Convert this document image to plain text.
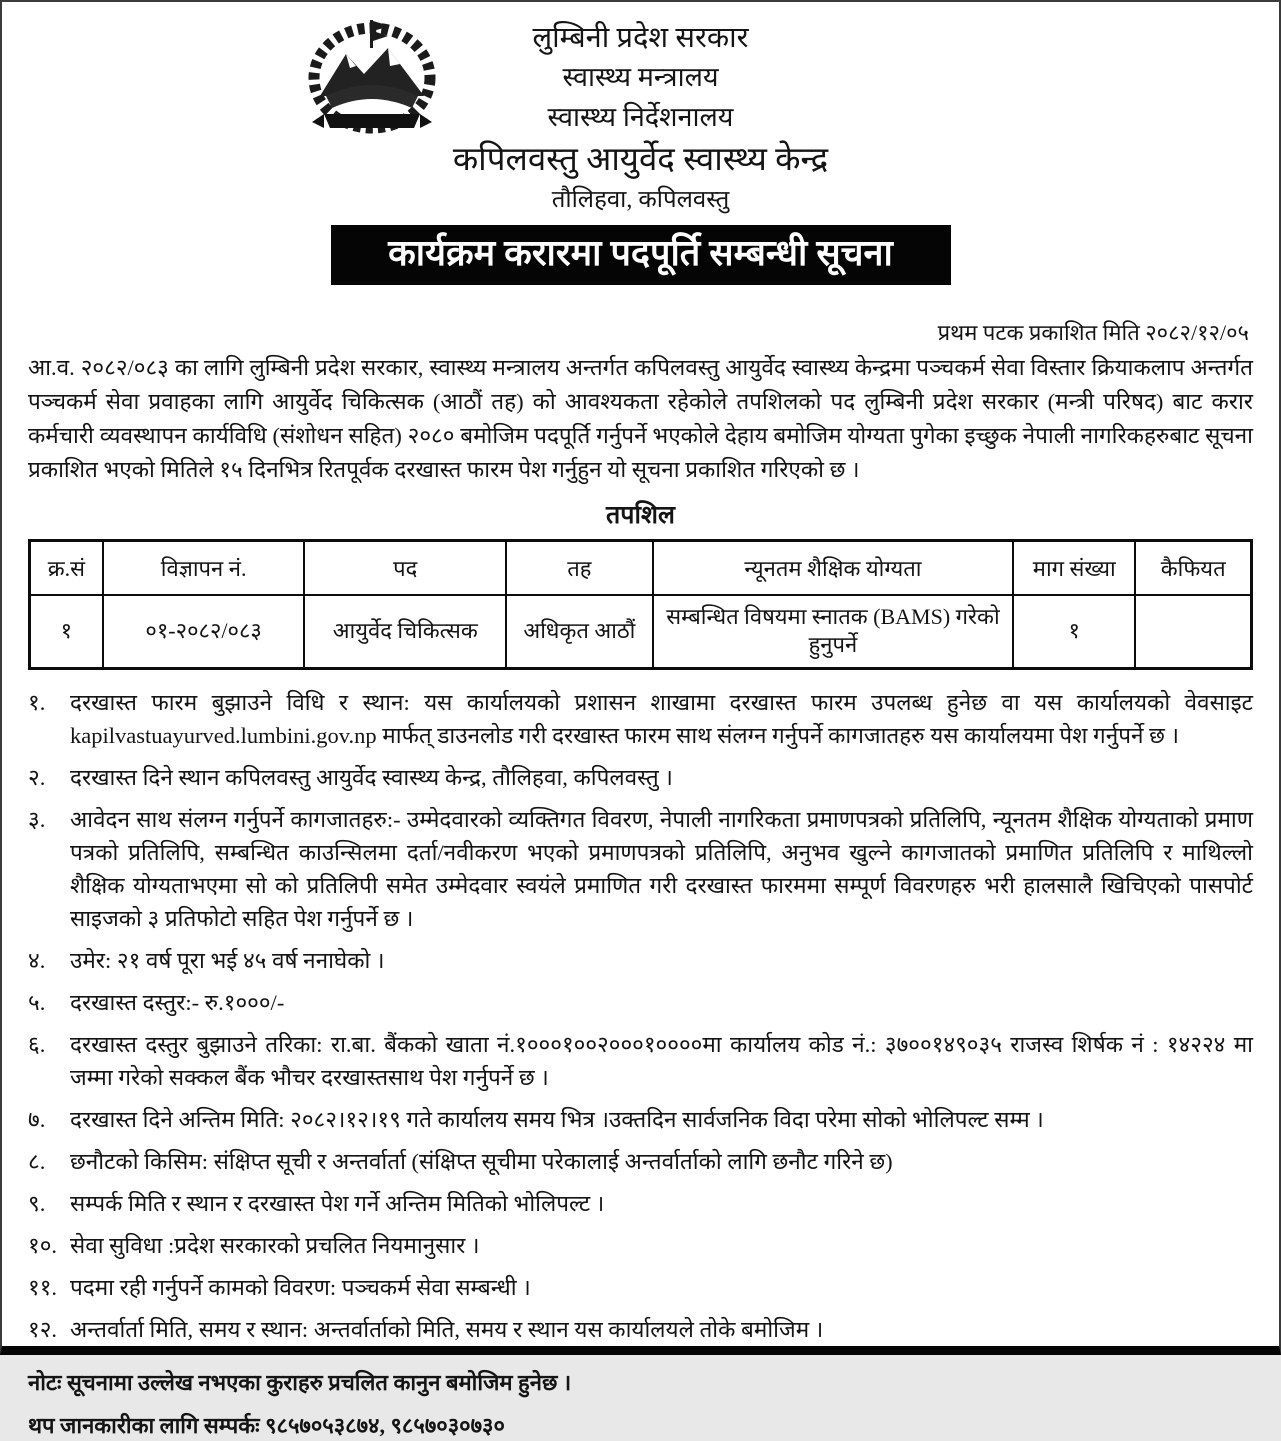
लुम्बिनी प्रदेश सरकार
स्वास्थ्य मन्त्रालय
स्वास्थ्य निर्देशनालय
कपिलवस्तु आयुर्वेद स्वास्थ्य केन्द्र
तौलिहवा, कपिलवस्तु
कार्यक्रम करारमा पदपूर्ति सम्बन्धी सूचना
प्रथम पटक प्रकाशित मिति २०८२/१२/०५
आ.व. २०८२/०८३ का लागि लुम्बिनी प्रदेश सरकार, स्वास्थ्य मन्त्रालय अन्तर्गत कपिलवस्तु आयुर्वेद स्वास्थ्य केन्द्रमा पञ्चकर्म सेवा विस्तार क्रियाकलाप अन्तर्गत पञ्चकर्म सेवा प्रवाहका लागि आयुर्वेद चिकित्सक (आठौं तह) को आवश्यकता रहेकोले तपशिलको पद लुम्बिनी प्रदेश सरकार (मन्त्री परिषद) बाट करार कर्मचारी व्यवस्थापन कार्यविधि (संशोधन सहित) २०८० बमोजिम पदपूर्ति गर्नुपर्ने भएकोले देहाय बमोजिम योग्यता पुगेका इच्छुक नेपाली नागरिकहरुबाट सूचना प्रकाशित भएको मितिले १५ दिनभित्र रितपूर्वक दरखास्त फारम पेश गर्नुहुन यो सूचना प्रकाशित गरिएको छ ।
तपशिल
क्र.सं	विज्ञापन नं.	पद	तह	न्यूनतम शैक्षिक योग्यता	माग संख्या	कैफियत
१	०१-२०८२/०८३	आयुर्वेद चिकित्सक	अधिकृत आठौं	सम्बन्धित विषयमा स्नातक (BAMS) गरेको हुनुपर्ने	१	
१.	दरखास्त फारम बुझाउने विधि र स्थान: यस कार्यालयको प्रशासन शाखामा दरखास्त फारम उपलब्ध हुनेछ वा यस कार्यालयको वेवसाइट kapilvastuayurved.lumbini.gov.np मार्फत् डाउनलोड गरी दरखास्त फारम साथ संलग्न गर्नुपर्ने कागजातहरु यस कार्यालयमा पेश गर्नुपर्ने छ ।
२.	दरखास्त दिने स्थान कपिलवस्तु आयुर्वेद स्वास्थ्य केन्द्र, तौलिहवा, कपिलवस्तु ।
३.	आवेदन साथ संलग्न गर्नुपर्ने कागजातहरु:- उम्मेदवारको व्यक्तिगत विवरण, नेपाली नागरिकता प्रमाणपत्रको प्रतिलिपि, न्यूनतम शैक्षिक योग्यताको प्रमाण पत्रको प्रतिलिपि, सम्बन्धित काउन्सिलमा दर्ता/नवीकरण भएको प्रमाणपत्रको प्रतिलिपि, अनुभव खुल्ने कागजातको प्रमाणित प्रतिलिपि र माथिल्लो शैक्षिक योग्यताभएमा सो को प्रतिलिपी समेत उम्मेदवार स्वयंले प्रमाणित गरी दरखास्त फारममा सम्पूर्ण विवरणहरु भरी हालसालै खिचिएको पासपोर्ट साइजको ३ प्रतिफोटो सहित पेश गर्नुपर्ने छ ।
४.	उमेर: २१ वर्ष पूरा भई ४५ वर्ष ननाघेको ।
५.	दरखास्त दस्तुर:- रु.१०००/-
६.	दरखास्त दस्तुर बुझाउने तरिका: रा.बा. बैंकको खाता नं.१०००१००२०००१००००मा कार्यालय कोड नं.: ३७००१४९०३५ राजस्व शिर्षक नं : १४२२४ मा जम्मा गरेको सक्कल बैंक भौचर दरखास्तसाथ पेश गर्नुपर्ने छ ।
७.	दरखास्त दिने अन्तिम मिति: २०८२।१२।१९ गते कार्यालय समय भित्र ।उक्तदिन सार्वजनिक विदा परेमा सोको भोलिपल्ट सम्म ।
८.	छनौटको किसिम: संक्षिप्त सूची र अन्तर्वार्ता (संक्षिप्त सूचीमा परेकालाई अन्तर्वार्ताको लागि छनौट गरिने छ)
९.	सम्पर्क मिति र स्थान र दरखास्त पेश गर्ने अन्तिम मितिको भोलिपल्ट ।
१०. सेवा सुविधा :प्रदेश सरकारको प्रचलित नियमानुसार ।
११. पदमा रही गर्नुपर्ने कामको विवरण: पञ्चकर्म सेवा सम्बन्धी ।
१२. अन्तर्वार्ता मिति, समय र स्थान: अन्तर्वार्ताको मिति, समय र स्थान यस कार्यालयले तोके बमोजिम ।
नोटः सूचनामा उल्लेख नभएका कुराहरु प्रचलित कानुन बमोजिम हुनेछ ।
थप जानकारीका लागि सम्पर्कः ९८५७०५३८७४, ९८५७०३०७३०
